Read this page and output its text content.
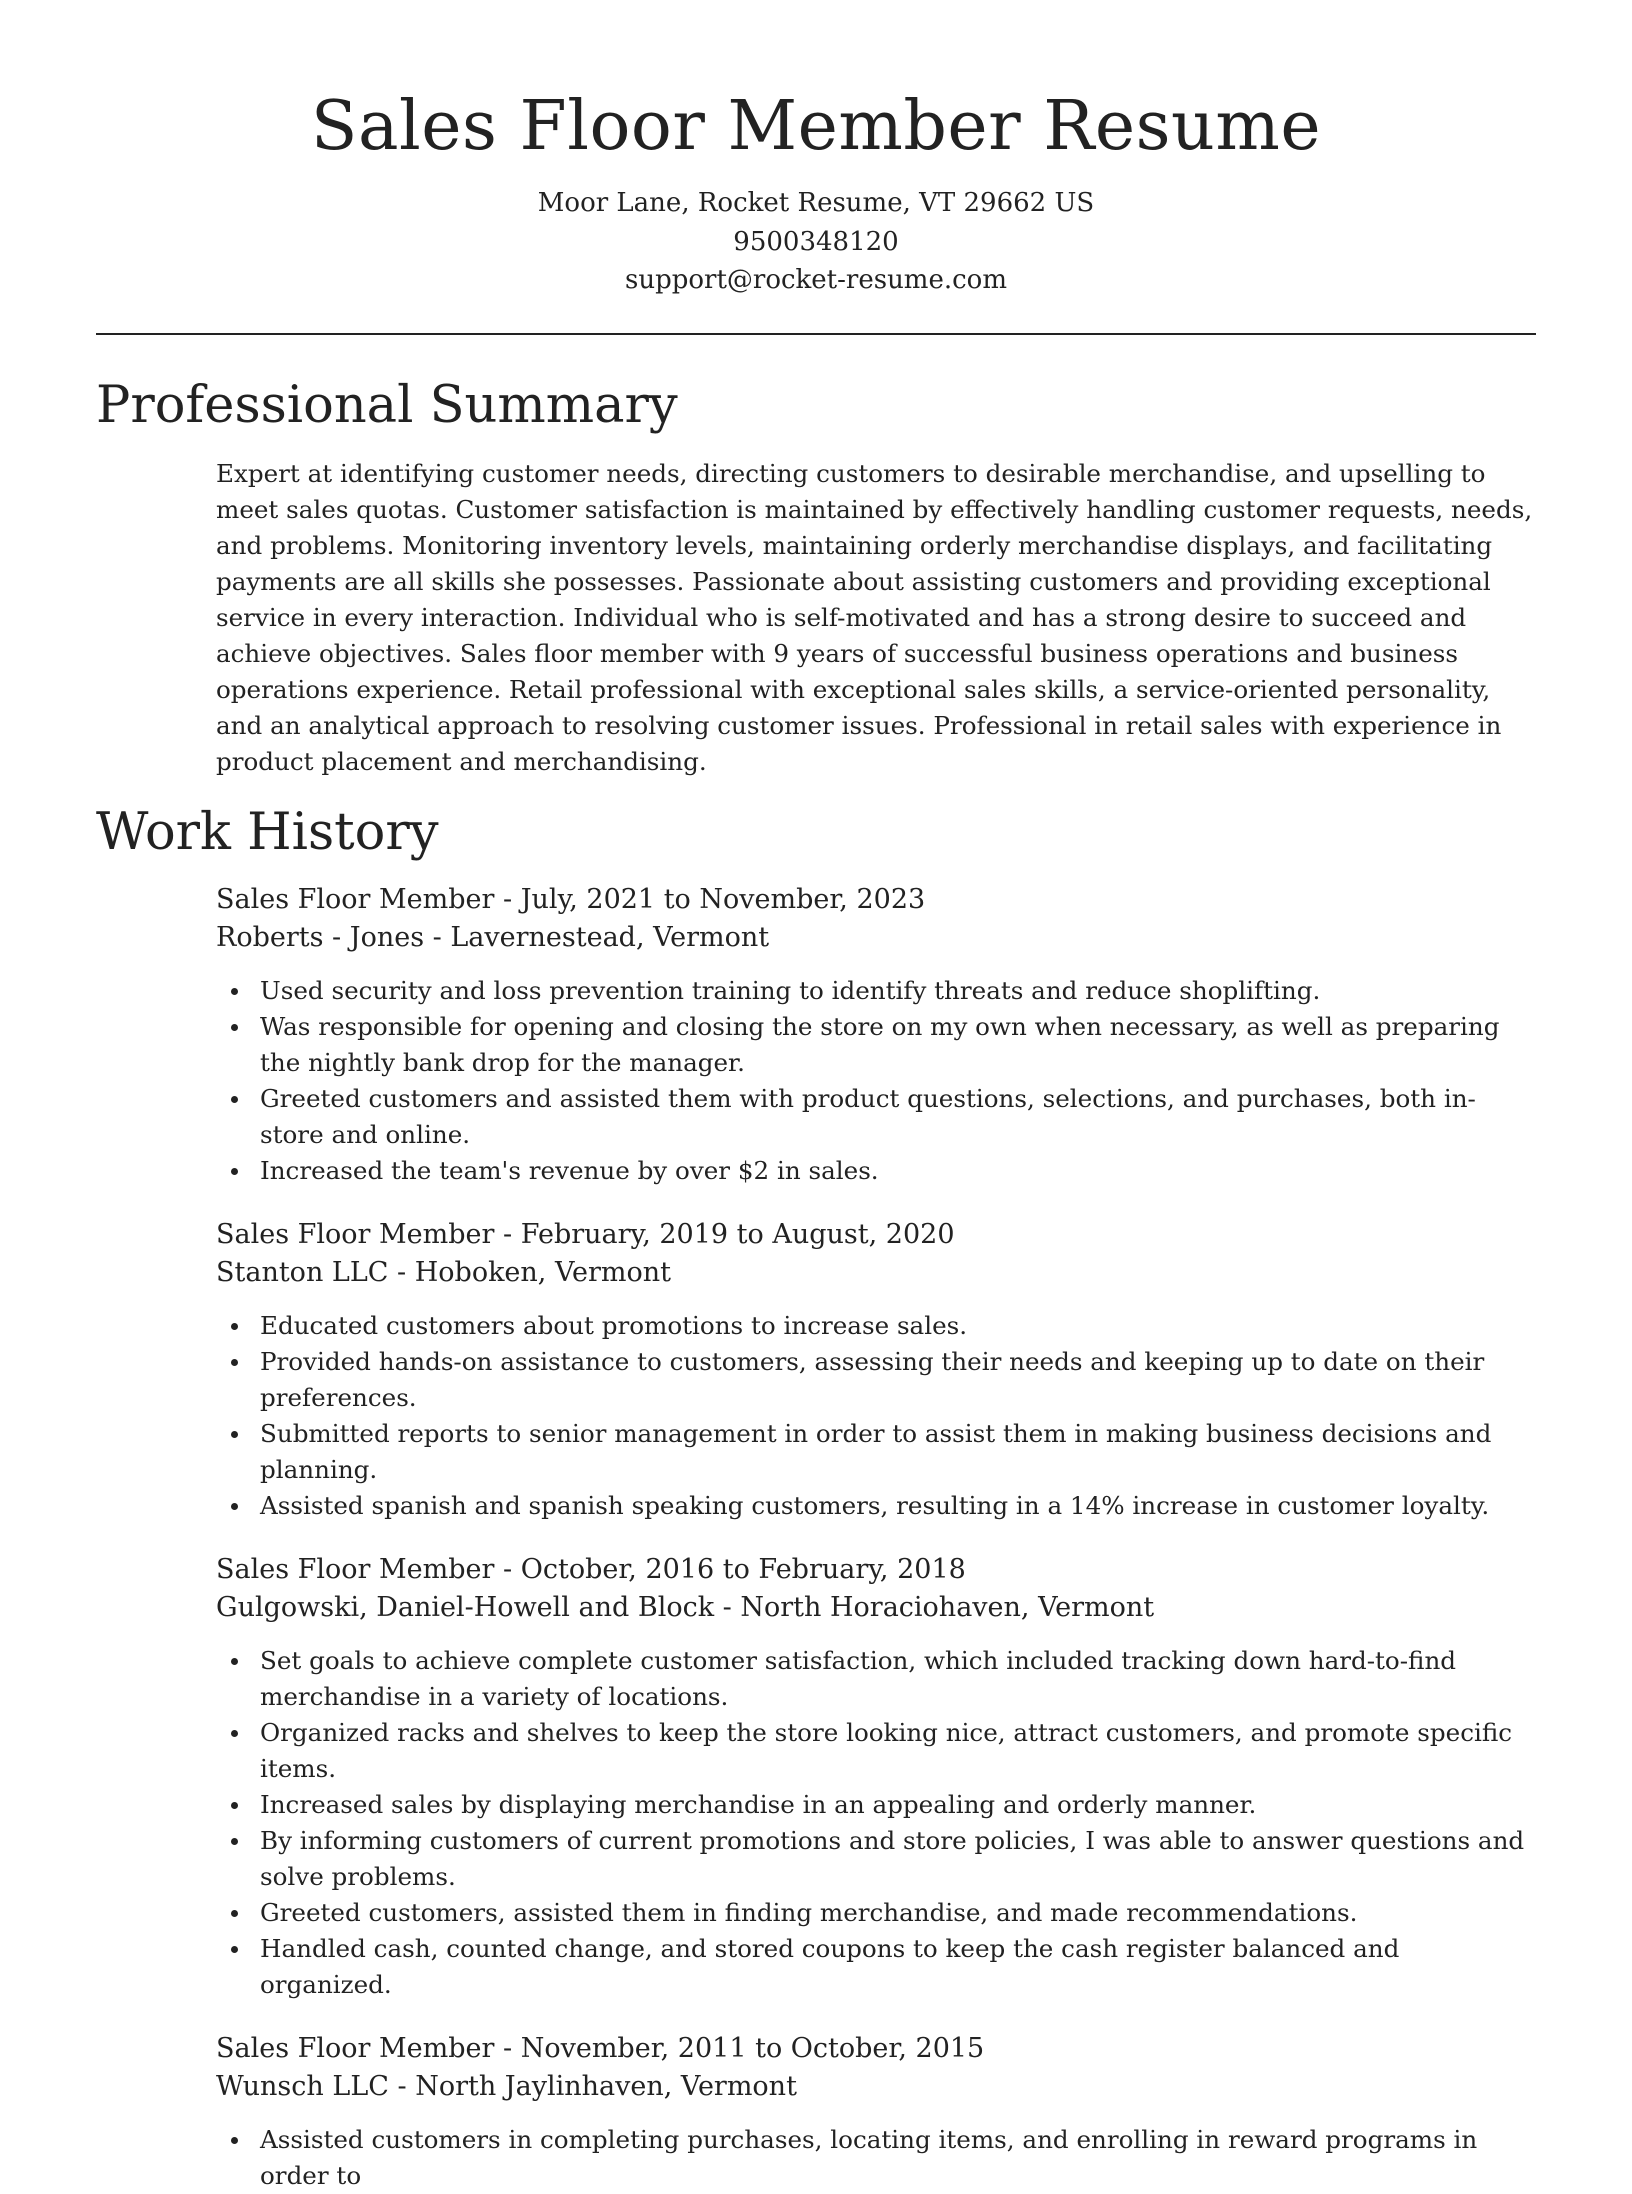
Sales Floor Member Resume
Moor Lane, Rocket Resume, VT 29662 US
9500348120
support@rocket-resume.com
Professional Summary

Expert at identifying customer needs, directing customers to desirable merchandise, and upselling to meet sales quotas. Customer satisfaction is maintained by effectively handling customer requests, needs, and problems. Monitoring inventory levels, maintaining orderly merchandise displays, and facilitating payments are all skills she possesses. Passionate about assisting customers and providing exceptional service in every interaction. Individual who is self-motivated and has a strong desire to succeed and achieve objectives. Sales floor member with 9 years of successful business operations and business operations experience. Retail professional with exceptional sales skills, a service-oriented personality, and an analytical approach to resolving customer issues. Professional in retail sales with experience in product placement and merchandising.

Work History
Sales Floor Member - July, 2021 to November, 2023
Roberts - Jones - Lavernestead, Vermont
Used security and loss prevention training to identify threats and reduce shoplifting.
Was responsible for opening and closing the store on my own when necessary, as well as preparing the nightly bank drop for the manager.
Greeted customers and assisted them with product questions, selections, and purchases, both in-store and online.
Increased the team's revenue by over $2 in sales.
Sales Floor Member - February, 2019 to August, 2020
Stanton LLC - Hoboken, Vermont
Educated customers about promotions to increase sales.
Provided hands-on assistance to customers, assessing their needs and keeping up to date on their preferences.
Submitted reports to senior management in order to assist them in making business decisions and planning.
Assisted spanish and spanish speaking customers, resulting in a 14% increase in customer loyalty.
Sales Floor Member - October, 2016 to February, 2018
Gulgowski, Daniel-Howell and Block - North Horaciohaven, Vermont
Set goals to achieve complete customer satisfaction, which included tracking down hard-to-find merchandise in a variety of locations.
Organized racks and shelves to keep the store looking nice, attract customers, and promote specific items.
Increased sales by displaying merchandise in an appealing and orderly manner.
By informing customers of current promotions and store policies, I was able to answer questions and solve problems.
Greeted customers, assisted them in finding merchandise, and made recommendations.
Handled cash, counted change, and stored coupons to keep the cash register balanced and organized.
Sales Floor Member - November, 2011 to October, 2015
Wunsch LLC - North Jaylinhaven, Vermont
Assisted customers in completing purchases, locating items, and enrolling in reward programs in order to
